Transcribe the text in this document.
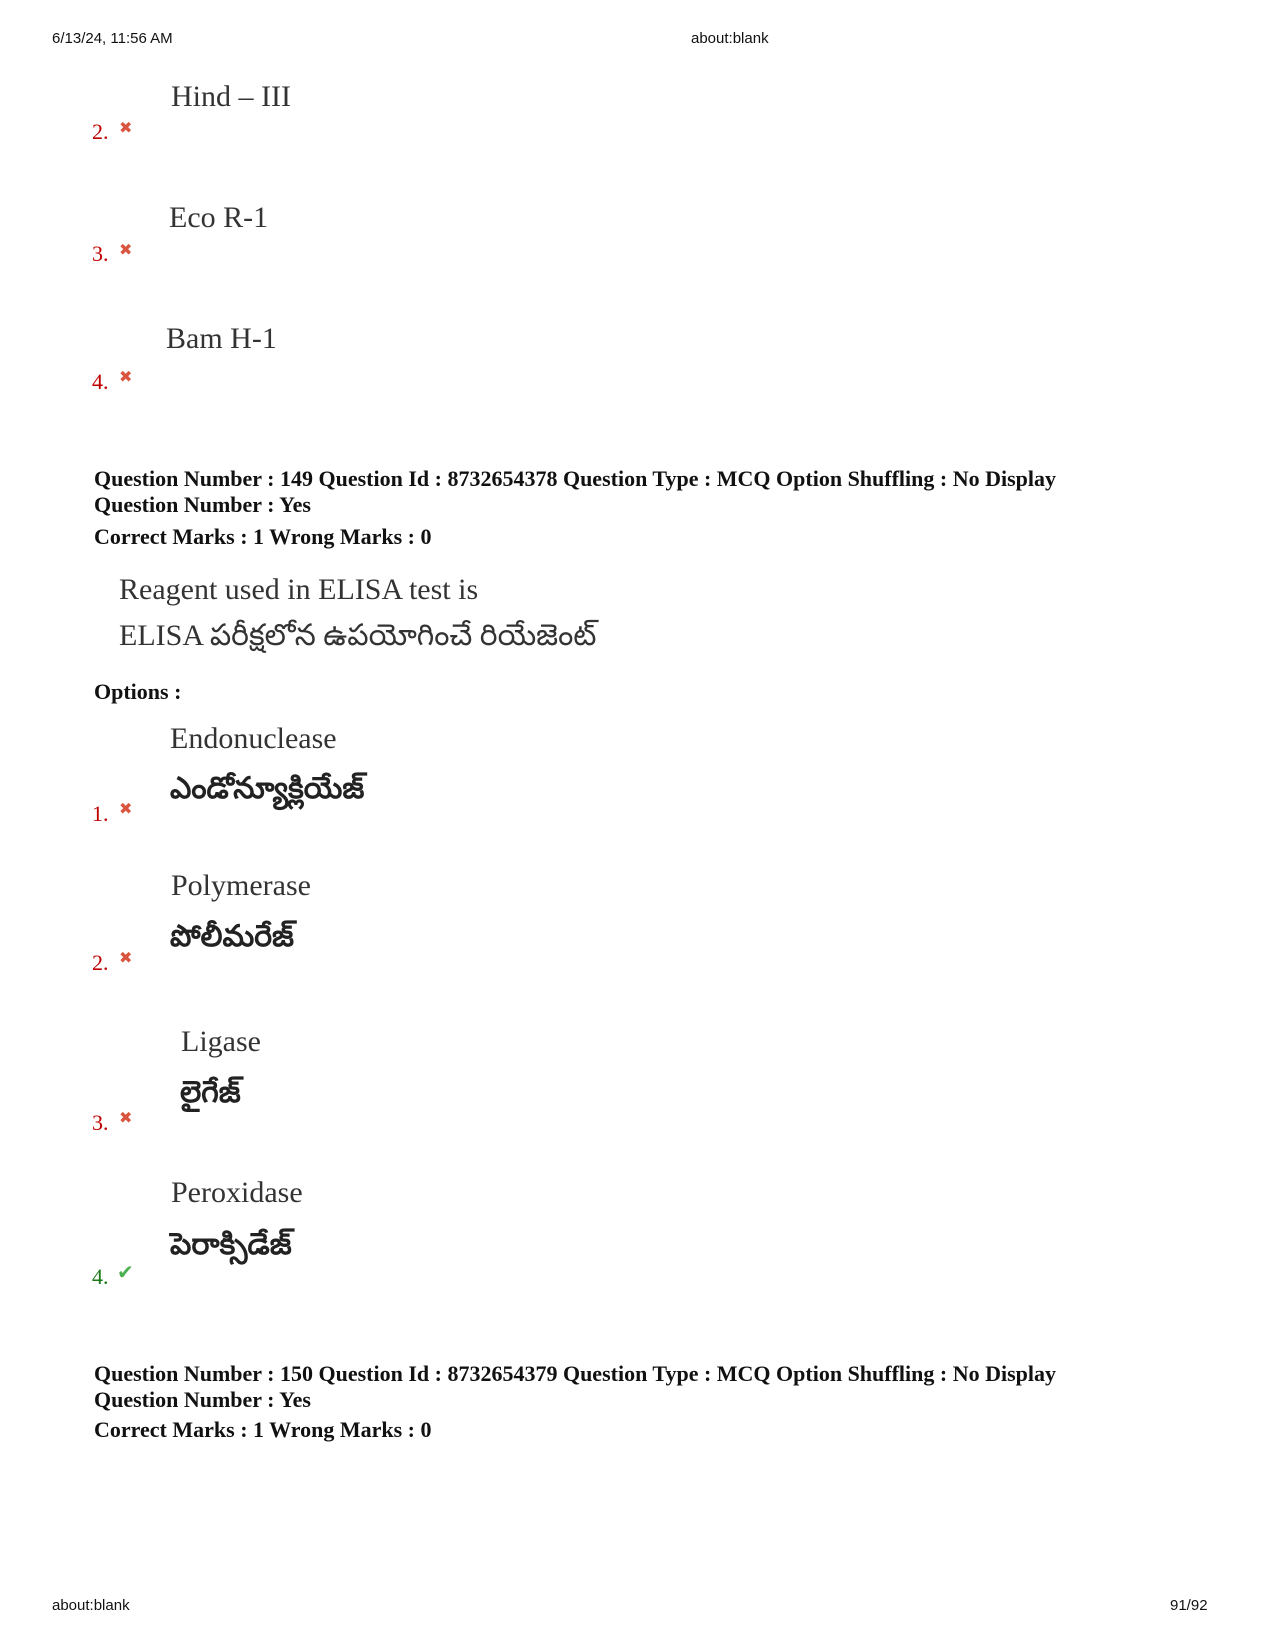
6/13/24, 11:56 AM	about:blank
Hind – III
2. ✖
Eco R-1
3. ✖
Bam H-1
4. ✖
Question Number : 149 Question Id : 8732654378 Question Type : MCQ Option Shuffling : No Display
Question Number : Yes
Correct Marks : 1 Wrong Marks : 0
Reagent used in ELISA test is
ELISA పరీక్షలోన ఉపయోగించే రియేజెంట్
Options :
Endonuclease
ఎండోన్యూక్లియేజ్
1. ✖
Polymerase
పోలీమరేజ్
2. ✖
Ligase
లైగేజ్
3. ✖
Peroxidase
పెరాక్సిడేజ్
4. ✔
Question Number : 150 Question Id : 8732654379 Question Type : MCQ Option Shuffling : No Display
Question Number : Yes
Correct Marks : 1 Wrong Marks : 0
about:blank	91/92
